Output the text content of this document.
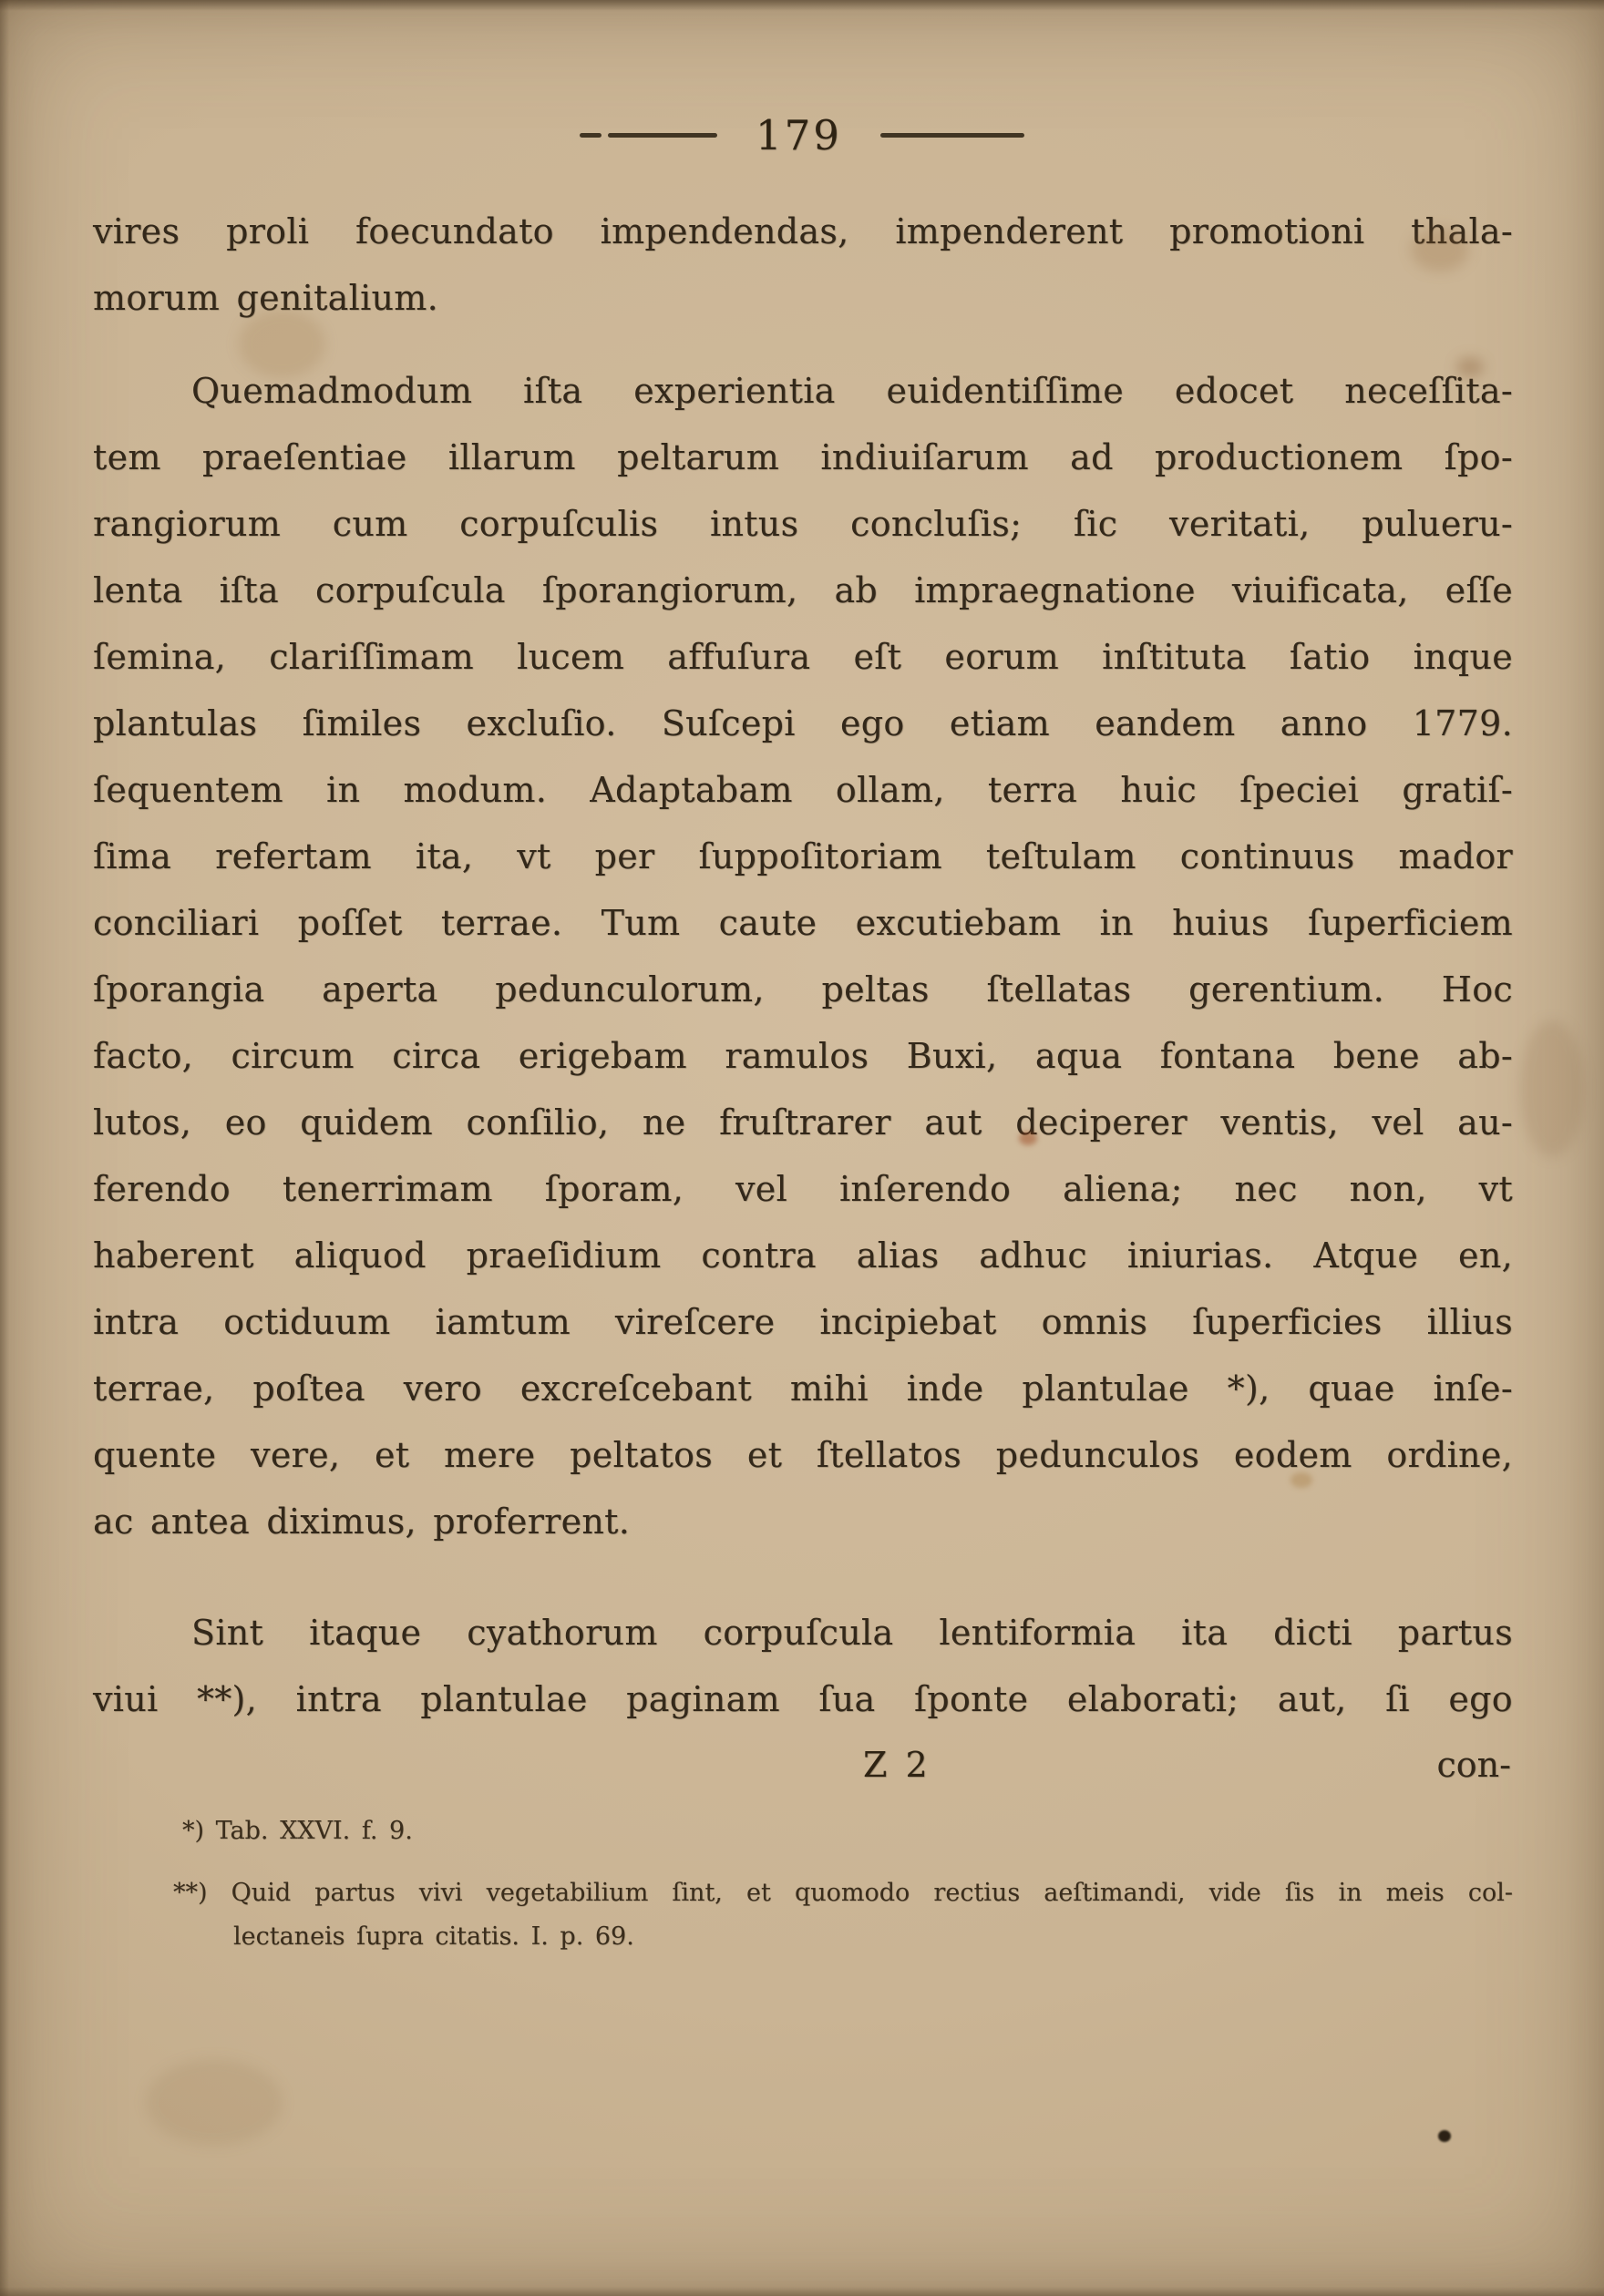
179
vires proli foecundato impendendas, impenderent promotioni thala-
morum genitalium.
Quemadmodum iſta experientia euidentiſſime edocet neceſſita-
tem praeſentiae illarum peltarum indiuiſarum ad productionem ſpo-
rangiorum cum corpuſculis intus concluſis; ſic veritati, pulueru-
lenta iſta corpuſcula ſporangiorum, ab impraegnatione viuificata, eſſe
ſemina, clariſſimam lucem affuſura eſt eorum inſtituta ſatio inque
plantulas ſimiles excluſio. Suſcepi ego etiam eandem anno 1779.
ſequentem in modum. Adaptabam ollam, terra huic ſpeciei gratiſ-
ſima refertam ita, vt per ſuppoſitoriam teſtulam continuus mador
conciliari poſſet terrae. Tum caute excutiebam in huius ſuperficiem
ſporangia aperta pedunculorum, peltas ſtellatas gerentium. Hoc
facto, circum circa erigebam ramulos Buxi, aqua fontana bene ab-
lutos, eo quidem conſilio, ne fruſtrarer aut deciperer ventis, vel au-
ferendo tenerrimam ſporam, vel inſerendo aliena; nec non, vt
haberent aliquod praeſidium contra alias adhuc iniurias. Atque en,
intra octiduum iamtum vireſcere incipiebat omnis ſuperficies illius
terrae, poſtea vero excreſcebant mihi inde plantulae *), quae inſe-
quente vere, et mere peltatos et ſtellatos pedunculos eodem ordine,
ac antea diximus, proferrent.
Sint itaque cyathorum corpuſcula lentiformia ita dicti partus
viui **), intra plantulae paginam ſua ſponte elaborati; aut, ſi ego
Z 2	con-
*) Tab. XXVI. f. 9.
**) Quid partus vivi vegetabilium ſint, et quomodo rectius aeſtimandi, vide ſis in meis col-
lectaneis ſupra citatis. I. p. 69.
